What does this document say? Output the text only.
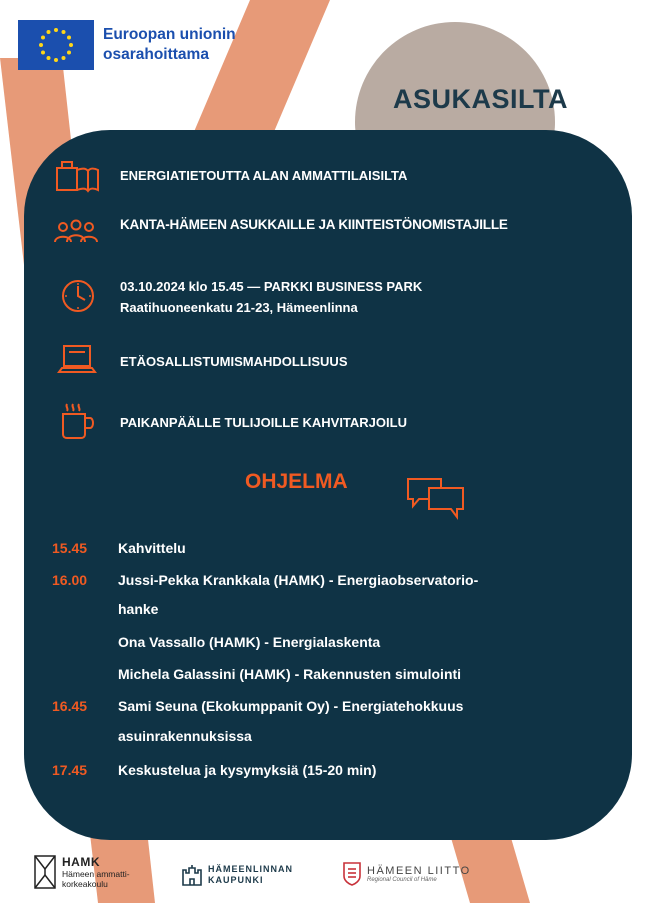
Euroopan unionin
osarahoittama
ASUKASILTA
ENERGIATIETOUTTA ALAN AMMATTILAISILTA
KANTA-HÄMEEN ASUKKAILLE JA KIINTEISTÖNOMISTAJILLE
03.10.2024 klo 15.45 — PARKKI BUSINESS PARK
Raatihuoneenkatu 21-23, Hämeenlinna
ETÄOSALLISTUMISMAHDOLLISUUS
PAIKANPÄÄLLE TULIJOILLE KAHVITARJOILU
OHJELMA
15.45 Kahvittelu
16.00 Jussi-Pekka Krankkala (HAMK) - Energiaobservatorio-
hanke
Ona Vassallo (HAMK) - Energialaskenta
Michela Galassini (HAMK) - Rakennusten simulointi
16.45 Sami Seuna (Ekokumppanit Oy) - Energiatehokkuus
asuinrakennuksissa
17.45 Keskustelua ja kysymyksiä (15-20 min)
HAMK
Hämeen ammatti-
korkeakoulu
HÄMEENLINNAN
KAUPUNKI
HÄMEEN LIITTO
Regional Council of Häme
